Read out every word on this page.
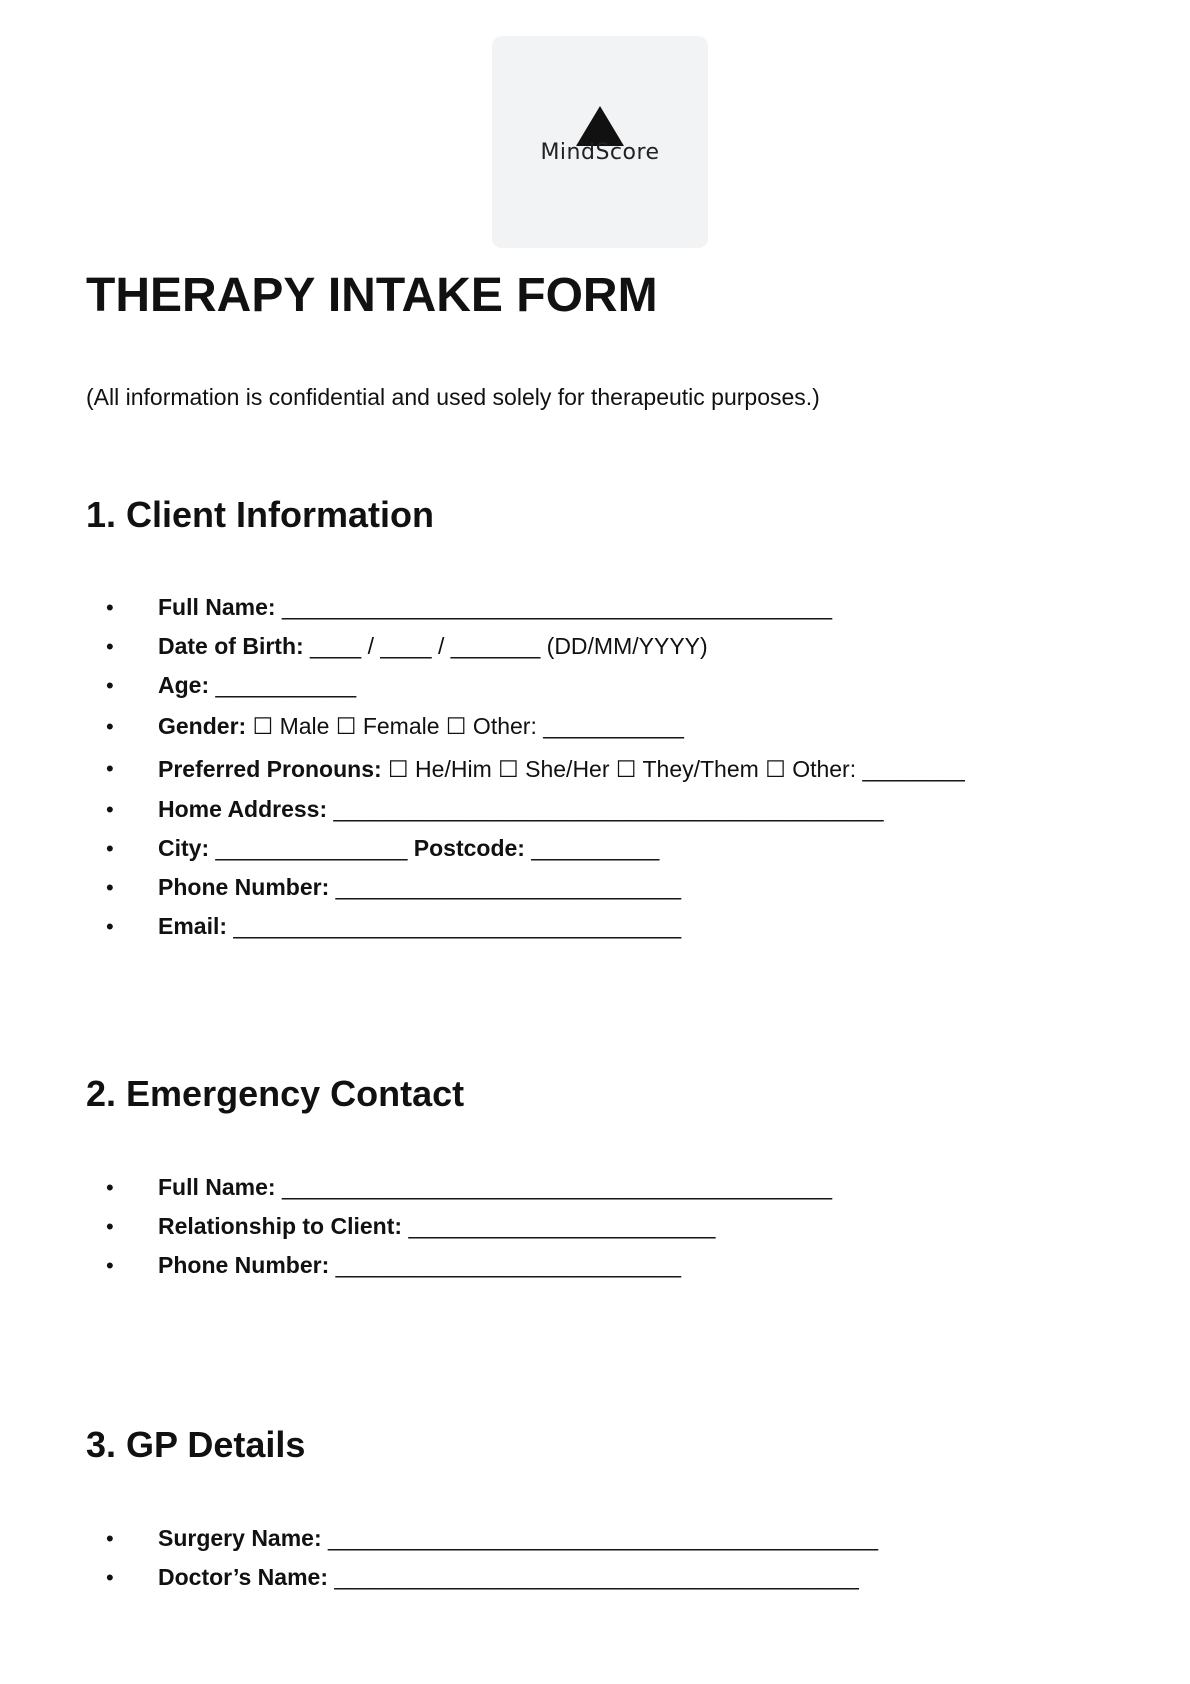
MindScore
THERAPY INTAKE FORM

(All information is confidential and used solely for therapeutic purposes.)

1. Client Information
• Full Name: ___________________________________________
• Date of Birth: ____ / ____ / _______ (DD/MM/YYYY)
• Age: ___________
• Gender: ☐ Male ☐ Female ☐ Other: ___________
• Preferred Pronouns: ☐ He/Him ☐ She/Her ☐ They/Them ☐ Other: ________
• Home Address: ___________________________________________
• City: _______________ Postcode: __________
• Phone Number: ___________________________
• Email: ___________________________________
2. Emergency Contact
• Full Name: ___________________________________________
• Relationship to Client: ________________________
• Phone Number: ___________________________
3. GP Details
• Surgery Name: ___________________________________________
• Doctor’s Name: _________________________________________
